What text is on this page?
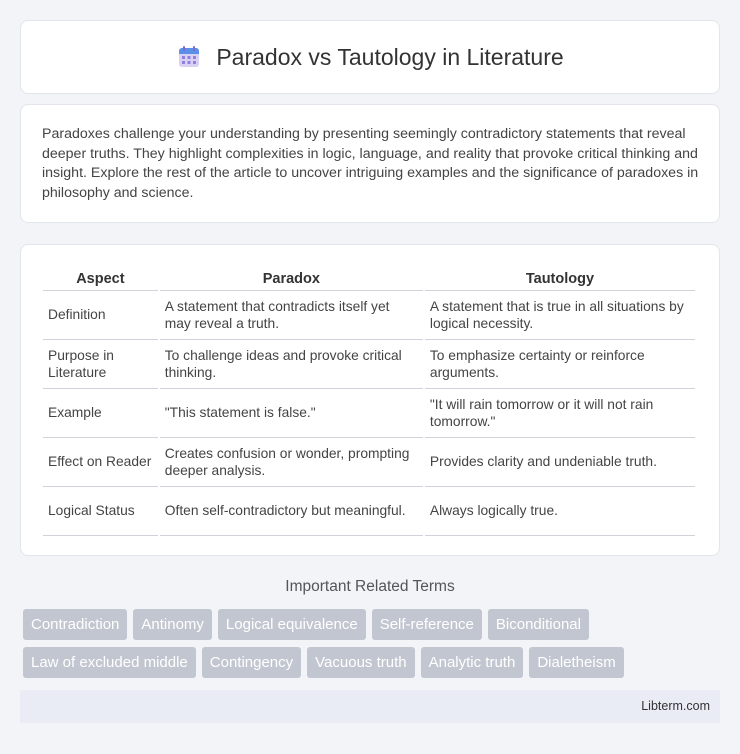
Paradox vs Tautology in Literature

Paradoxes challenge your understanding by presenting seemingly contradictory statements that reveal deeper truths. They highlight complexities in logic, language, and reality that provoke critical thinking and insight. Explore the rest of the article to uncover intriguing examples and the significance of paradoxes in philosophy and science.

Aspect	Paradox	Tautology
Definition	A statement that contradicts itself yet may reveal a truth.	A statement that is true in all situations by logical necessity.
Purpose in Literature	To challenge ideas and provoke critical thinking.	To emphasize certainty or reinforce arguments.
Example	"This statement is false."	"It will rain tomorrow or it will not rain tomorrow."
Effect on Reader	Creates confusion or wonder, prompting deeper analysis.	Provides clarity and undeniable truth.
Logical Status	Often self-contradictory but meaningful.	Always logically true.
Important Related Terms
Contradiction	Antinomy	Logical equivalence	Self-reference	Biconditional
Law of excluded middle	Contingency	Vacuous truth	Analytic truth	Dialetheism
Libterm.com
